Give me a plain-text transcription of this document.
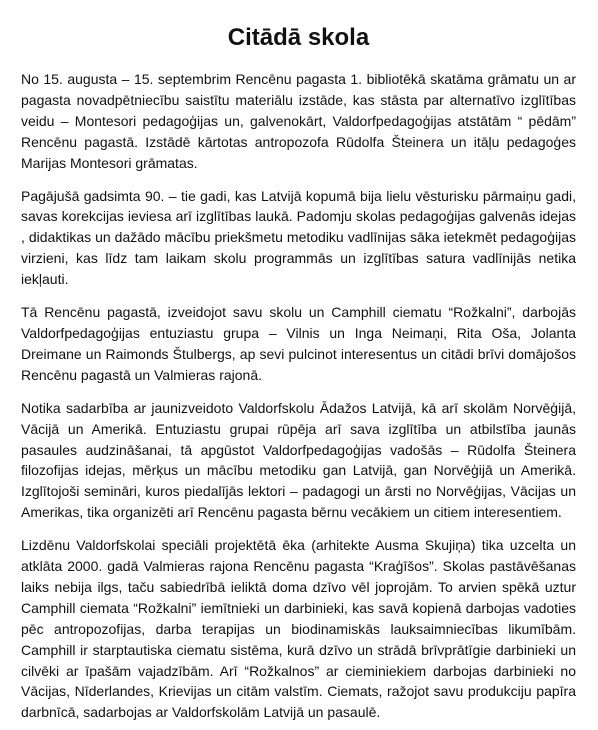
Citādā skola

No 15. augusta – 15. septembrim Rencēnu pagasta 1. bibliotēkā skatāma grāmatu un ar pagasta novadpētniecību saistītu materiālu izstāde, kas stāsta par alternatīvo izglītības veidu – Montesori pedagoģijas un, galvenokārt, Valdorfpedagoģijas atstātām “ pēdām” Rencēnu pagastā. Izstādē kārtotas antropozofa Rūdolfa Šteinera un itāļu pedagoģes Marijas Montesori grāmatas.

Pagājušā gadsimta 90. – tie gadi, kas Latvijā kopumā bija lielu vēsturisku pārmaiņu gadi, savas korekcijas ieviesa arī izglītības laukā. Padomju skolas pedagoģijas galvenās idejas , didaktikas un dažādo mācību priekšmetu metodiku vadlīnijas sāka ietekmēt pedagoģijas virzieni, kas līdz tam laikam skolu programmās un izglītības satura vadlīnijās netika iekļauti.

Tā Rencēnu pagastā, izveidojot savu skolu un Camphill ciematu “Rožkalni”, darbojās Valdorfpedagoģijas entuziastu grupa – Vilnis un Inga Neimaņi, Rita Oša, Jolanta Dreimane un Raimonds Štulbergs, ap sevi pulcinot interesentus un citādi brīvi domājošos Rencēnu pagastā un Valmieras rajonā.

Notika sadarbība ar jaunizveidoto Valdorfskolu Ādažos Latvijā, kā arī skolām Norvēģijā, Vācijā un Amerikā. Entuziastu grupai rūpēja arī sava izglītība un atbilstība jaunās pasaules audzināšanai, tā apgūstot Valdorfpedagoģijas vadošās – Rūdolfa Šteinera filozofijas idejas, mērķus un mācību metodiku gan Latvijā, gan Norvēģijā un Amerikā. Izglītojoši semināri, kuros piedalījās lektori – padagogi un ārsti no Norvēģijas, Vācijas un Amerikas, tika organizēti arī Rencēnu pagasta bērnu vecākiem un citiem interesentiem.

Lizdēnu Valdorfskolai speciāli projektētā ēka (arhitekte Ausma Skujiņa) tika uzcelta un atklāta 2000. gadā Valmieras rajona Rencēnu pagasta “Kraģīšos”. Skolas pastāvēšanas laiks nebija ilgs, taču sabiedrībā ieliktā doma dzīvo vēl joprojām. To arvien spēkā uztur Camphill ciemata “Rožkalni” iemītnieki un darbinieki, kas savā kopienā darbojas vadoties pēc antropozofijas, darba terapijas un biodinamiskās lauksaimniecības likumībām. Camphill ir starptautiska ciematu sistēma, kurā dzīvo un strādā brīvprātīgie darbinieki un cilvēki ar īpašām vajadzībām. Arī “Rožkalnos” ar cieminiekiem darbojas darbinieki no Vācijas, Nīderlandes, Krievijas un citām valstīm. Ciemats, ražojot savu produkciju papīra darbnīcā, sadarbojas ar Valdorfskolām Latvijā un pasaulē.
